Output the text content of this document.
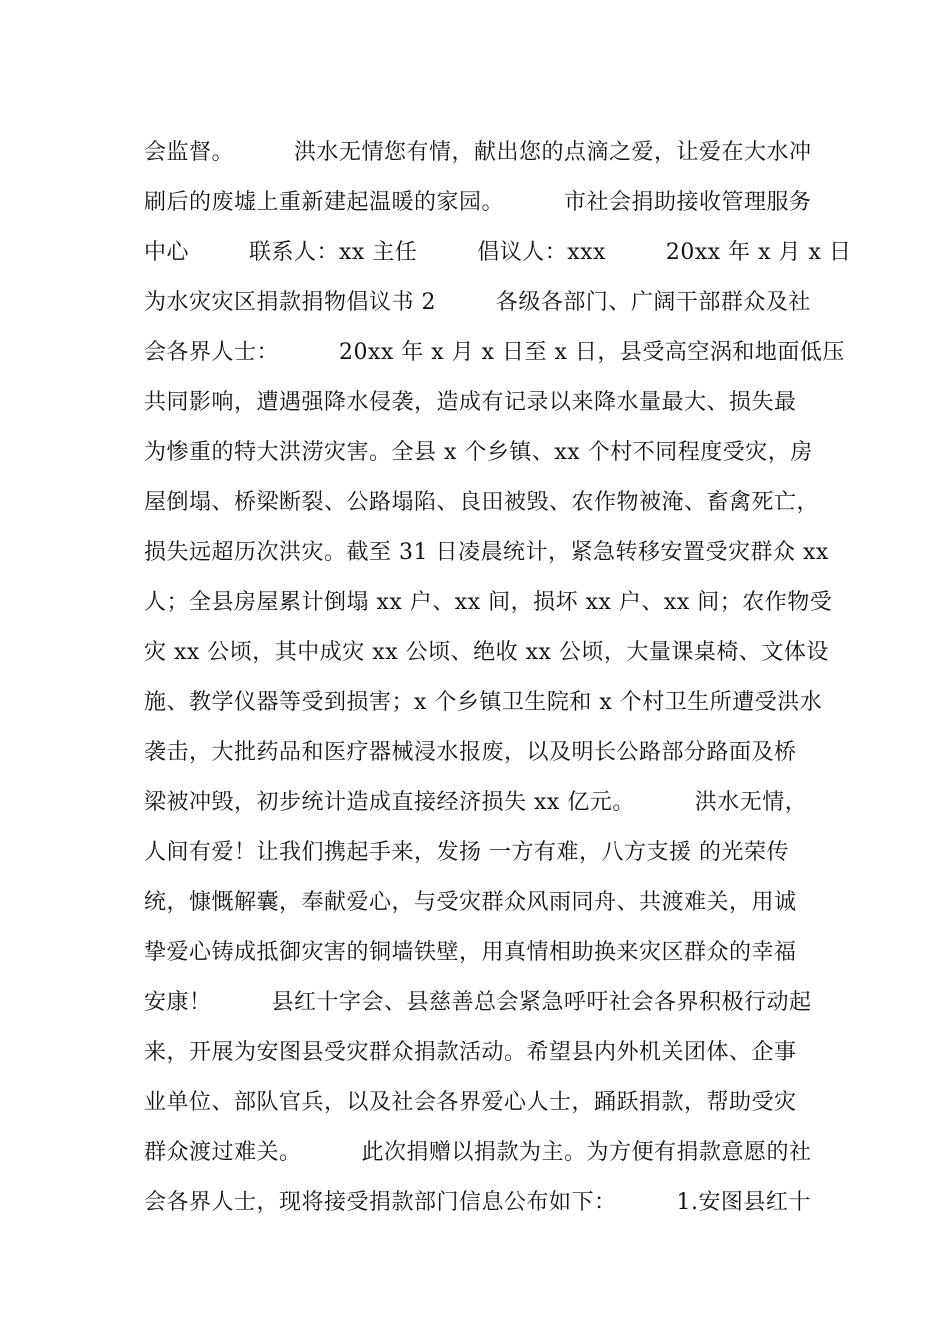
会监督。        洪水无情您有情，献出您的点滴之爱，让爱在大水冲
刷后的废墟上重新建起温暖的家园。        市社会捐助接收管理服务
中心        联系人：xx 主任        倡议人：xxx        20xx 年 x 月 x 日
为水灾灾区捐款捐物倡议书 2        各级各部门、广阔干部群众及社
会各界人士：        20xx 年 x 月 x 日至 x 日，县受高空涡和地面低压
共同影响，遭遇强降水侵袭，造成有记录以来降水量最大、损失最
为惨重的特大洪涝灾害。全县 x 个乡镇、xx 个村不同程度受灾，房
屋倒塌、桥梁断裂、公路塌陷、良田被毁、农作物被淹、畜禽死亡，
损失远超历次洪灾。截至 31 日凌晨统计，紧急转移安置受灾群众 xx
人；全县房屋累计倒塌 xx 户、xx 间，损坏 xx 户、xx 间；农作物受
灾 xx 公顷，其中成灾 xx 公顷、绝收 xx 公顷，大量课桌椅、文体设
施、教学仪器等受到损害；x 个乡镇卫生院和 x 个村卫生所遭受洪水
袭击，大批药品和医疗器械浸水报废，以及明长公路部分路面及桥
梁被冲毁，初步统计造成直接经济损失 xx 亿元。        洪水无情，
人间有爱！让我们携起手来，发扬 一方有难，八方支援 的光荣传
统，慷慨解囊，奉献爱心，与受灾群众风雨同舟、共渡难关，用诚
挚爱心铸成抵御灾害的铜墙铁壁，用真情相助换来灾区群众的幸福
安康！        县红十字会、县慈善总会紧急呼吁社会各界积极行动起
来，开展为安图县受灾群众捐款活动。希望县内外机关团体、企事
业单位、部队官兵，以及社会各界爱心人士，踊跃捐款，帮助受灾
群众渡过难关。        此次捐赠以捐款为主。为方便有捐款意愿的社
会各界人士，现将接受捐款部门信息公布如下：        1.安图县红十
